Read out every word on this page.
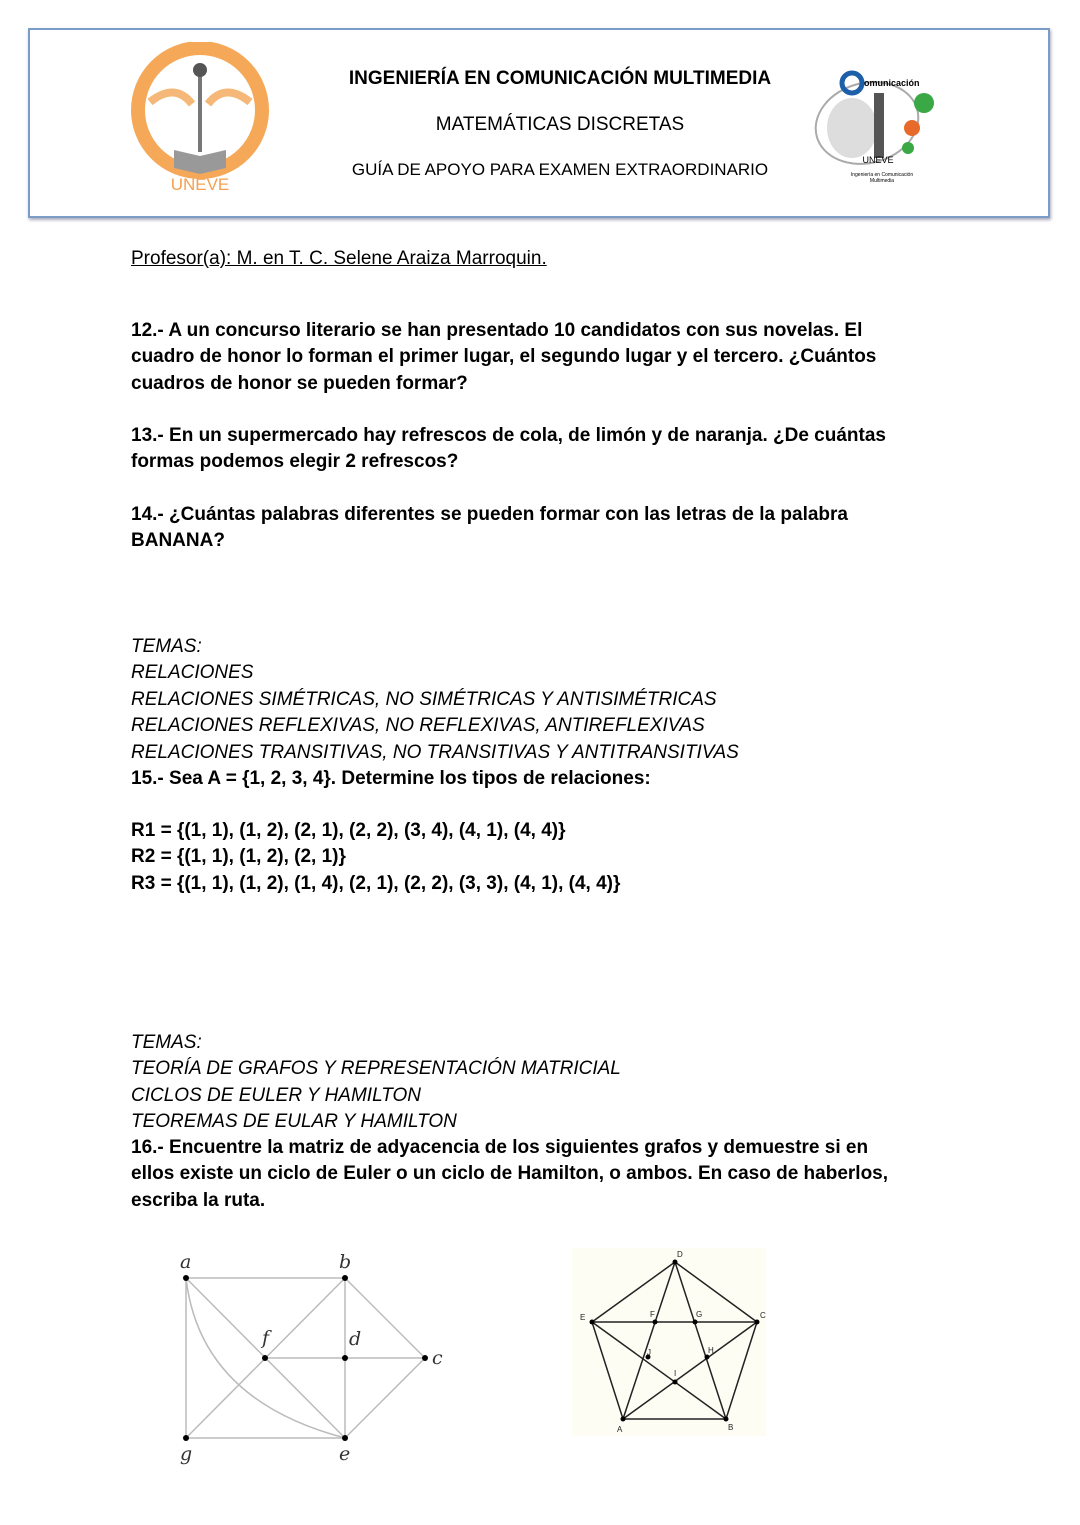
UNEVE
INGENIERÍA EN COMUNICACIÓN MULTIMEDIA
MATEMÁTICAS DISCRETAS
GUÍA DE APOYO PARA EXAMEN EXTRAORDINARIO
omunicación
UNEVE
Ingeniería en Comunicación
Multimedia
Profesor(a): M. en T. C. Selene Araiza Marroquin.
12.- A un concurso literario se han presentado 10 candidatos con sus novelas. El
cuadro de honor lo forman el primer lugar, el segundo lugar y el tercero. ¿Cuántos
cuadros de honor se pueden formar?
13.- En un supermercado hay refrescos de cola, de limón y de naranja. ¿De cuántas
formas podemos elegir 2 refrescos?
14.- ¿Cuántas palabras diferentes se pueden formar con las letras de la palabra
BANANA?
TEMAS:
RELACIONES
RELACIONES SIMÉTRICAS, NO SIMÉTRICAS Y ANTISIMÉTRICAS
RELACIONES REFLEXIVAS, NO REFLEXIVAS, ANTIREFLEXIVAS
RELACIONES TRANSITIVAS, NO TRANSITIVAS Y ANTITRANSITIVAS
15.- Sea A = {1, 2, 3, 4}. Determine los tipos de relaciones:
R1 = {(1, 1), (1, 2), (2, 1), (2, 2), (3, 4), (4, 1), (4, 4)}
R2 = {(1, 1), (1, 2), (2, 1)}
R3 = {(1, 1), (1, 2), (1, 4), (2, 1), (2, 2), (3, 3), (4, 1), (4, 4)}
TEMAS:
TEORÍA DE GRAFOS Y REPRESENTACIÓN MATRICIAL
CICLOS DE EULER Y HAMILTON
TEOREMAS DE EULAR Y HAMILTON
16.- Encuentre la matriz de adyacencia de los siguientes grafos y demuestre si en
ellos existe un ciclo de Euler o un ciclo de Hamilton, o ambos. En caso de haberlos,
escriba la ruta.
a	b
c
d
e
f
g
D
E	F	G	C
J	H
I
A	B
